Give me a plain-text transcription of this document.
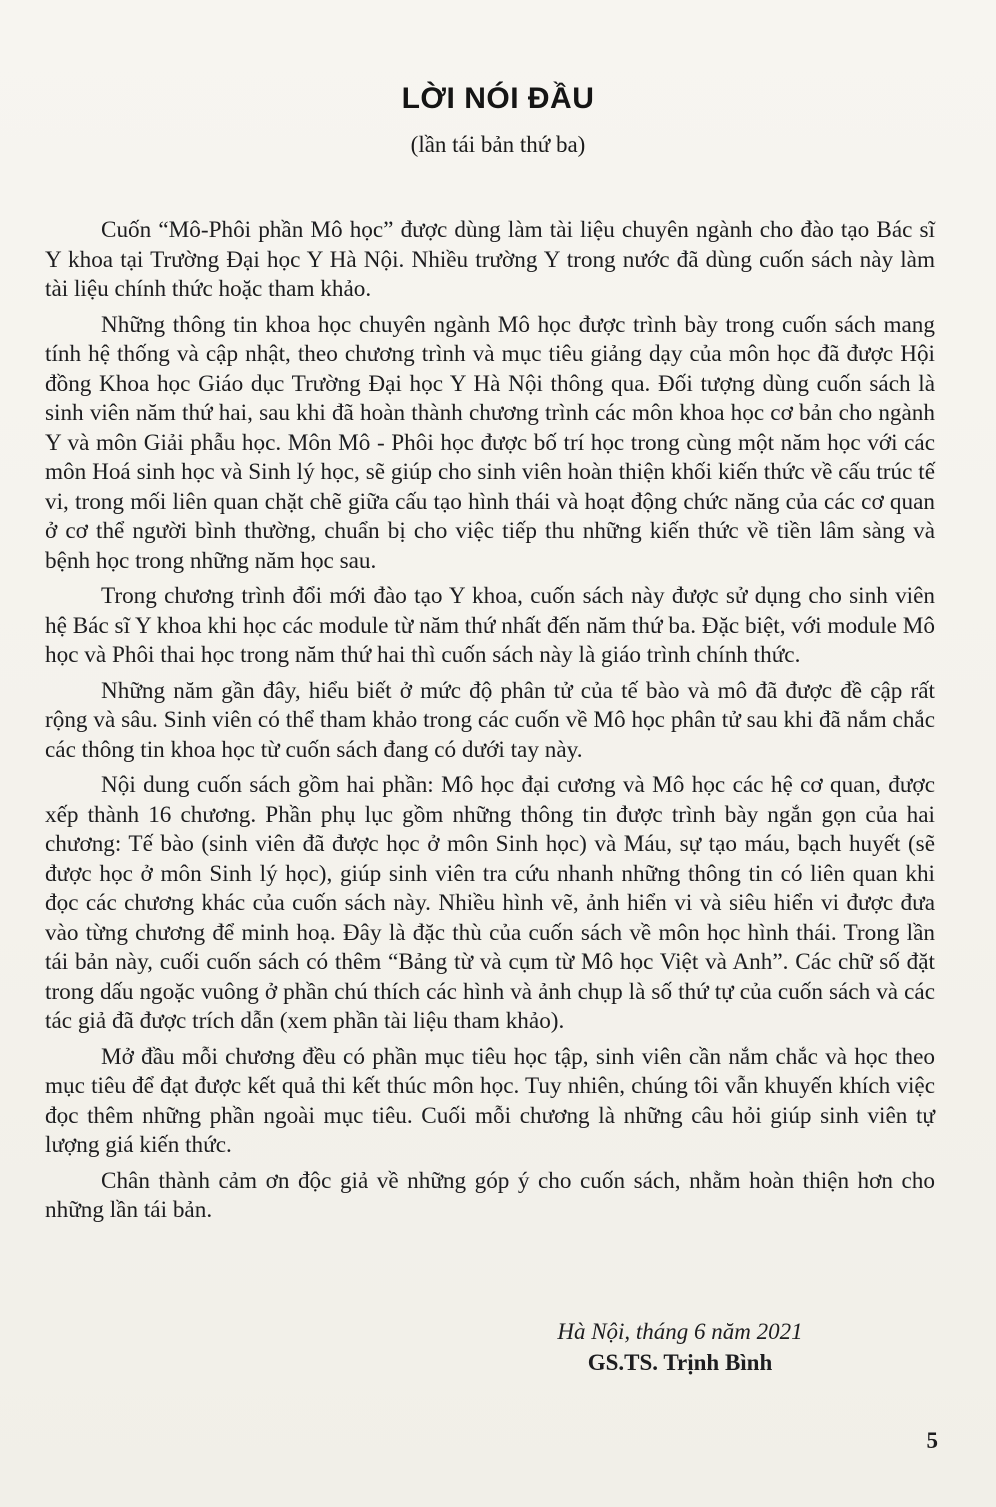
LỜI NÓI ĐẦU
(lần tái bản thứ ba)

Cuốn “Mô-Phôi phần Mô học” được dùng làm tài liệu chuyên ngành cho đào tạo Bác sĩ Y khoa tại Trường Đại học Y Hà Nội. Nhiều trường Y trong nước đã dùng cuốn sách này làm tài liệu chính thức hoặc tham khảo.

Những thông tin khoa học chuyên ngành Mô học được trình bày trong cuốn sách mang tính hệ thống và cập nhật, theo chương trình và mục tiêu giảng dạy của môn học đã được Hội đồng Khoa học Giáo dục Trường Đại học Y Hà Nội thông qua. Đối tượng dùng cuốn sách là sinh viên năm thứ hai, sau khi đã hoàn thành chương trình các môn khoa học cơ bản cho ngành Y và môn Giải phẫu học. Môn Mô - Phôi học được bố trí học trong cùng một năm học với các môn Hoá sinh học và Sinh lý học, sẽ giúp cho sinh viên hoàn thiện khối kiến thức về cấu trúc tế vi, trong mối liên quan chặt chẽ giữa cấu tạo hình thái và hoạt động chức năng của các cơ quan ở cơ thể người bình thường, chuẩn bị cho việc tiếp thu những kiến thức về tiền lâm sàng và bệnh học trong những năm học sau.

Trong chương trình đổi mới đào tạo Y khoa, cuốn sách này được sử dụng cho sinh viên hệ Bác sĩ Y khoa khi học các module từ năm thứ nhất đến năm thứ ba. Đặc biệt, với module Mô học và Phôi thai học trong năm thứ hai thì cuốn sách này là giáo trình chính thức.

Những năm gần đây, hiểu biết ở mức độ phân tử của tế bào và mô đã được đề cập rất rộng và sâu. Sinh viên có thể tham khảo trong các cuốn về Mô học phân tử sau khi đã nắm chắc các thông tin khoa học từ cuốn sách đang có dưới tay này.

Nội dung cuốn sách gồm hai phần: Mô học đại cương và Mô học các hệ cơ quan, được xếp thành 16 chương. Phần phụ lục gồm những thông tin được trình bày ngắn gọn của hai chương: Tế bào (sinh viên đã được học ở môn Sinh học) và Máu, sự tạo máu, bạch huyết (sẽ được học ở môn Sinh lý học), giúp sinh viên tra cứu nhanh những thông tin có liên quan khi đọc các chương khác của cuốn sách này. Nhiều hình vẽ, ảnh hiển vi và siêu hiển vi được đưa vào từng chương để minh hoạ. Đây là đặc thù của cuốn sách về môn học hình thái. Trong lần tái bản này, cuối cuốn sách có thêm “Bảng từ và cụm từ Mô học Việt và Anh”. Các chữ số đặt trong dấu ngoặc vuông ở phần chú thích các hình và ảnh chụp là số thứ tự của cuốn sách và các tác giả đã được trích dẫn (xem phần tài liệu tham khảo).

Mở đầu mỗi chương đều có phần mục tiêu học tập, sinh viên cần nắm chắc và học theo mục tiêu để đạt được kết quả thi kết thúc môn học. Tuy nhiên, chúng tôi vẫn khuyến khích việc đọc thêm những phần ngoài mục tiêu. Cuối mỗi chương là những câu hỏi giúp sinh viên tự lượng giá kiến thức.

Chân thành cảm ơn độc giả về những góp ý cho cuốn sách, nhằm hoàn thiện hơn cho những lần tái bản.

Hà Nội, tháng 6 năm 2021
GS.TS. Trịnh Bình
5
